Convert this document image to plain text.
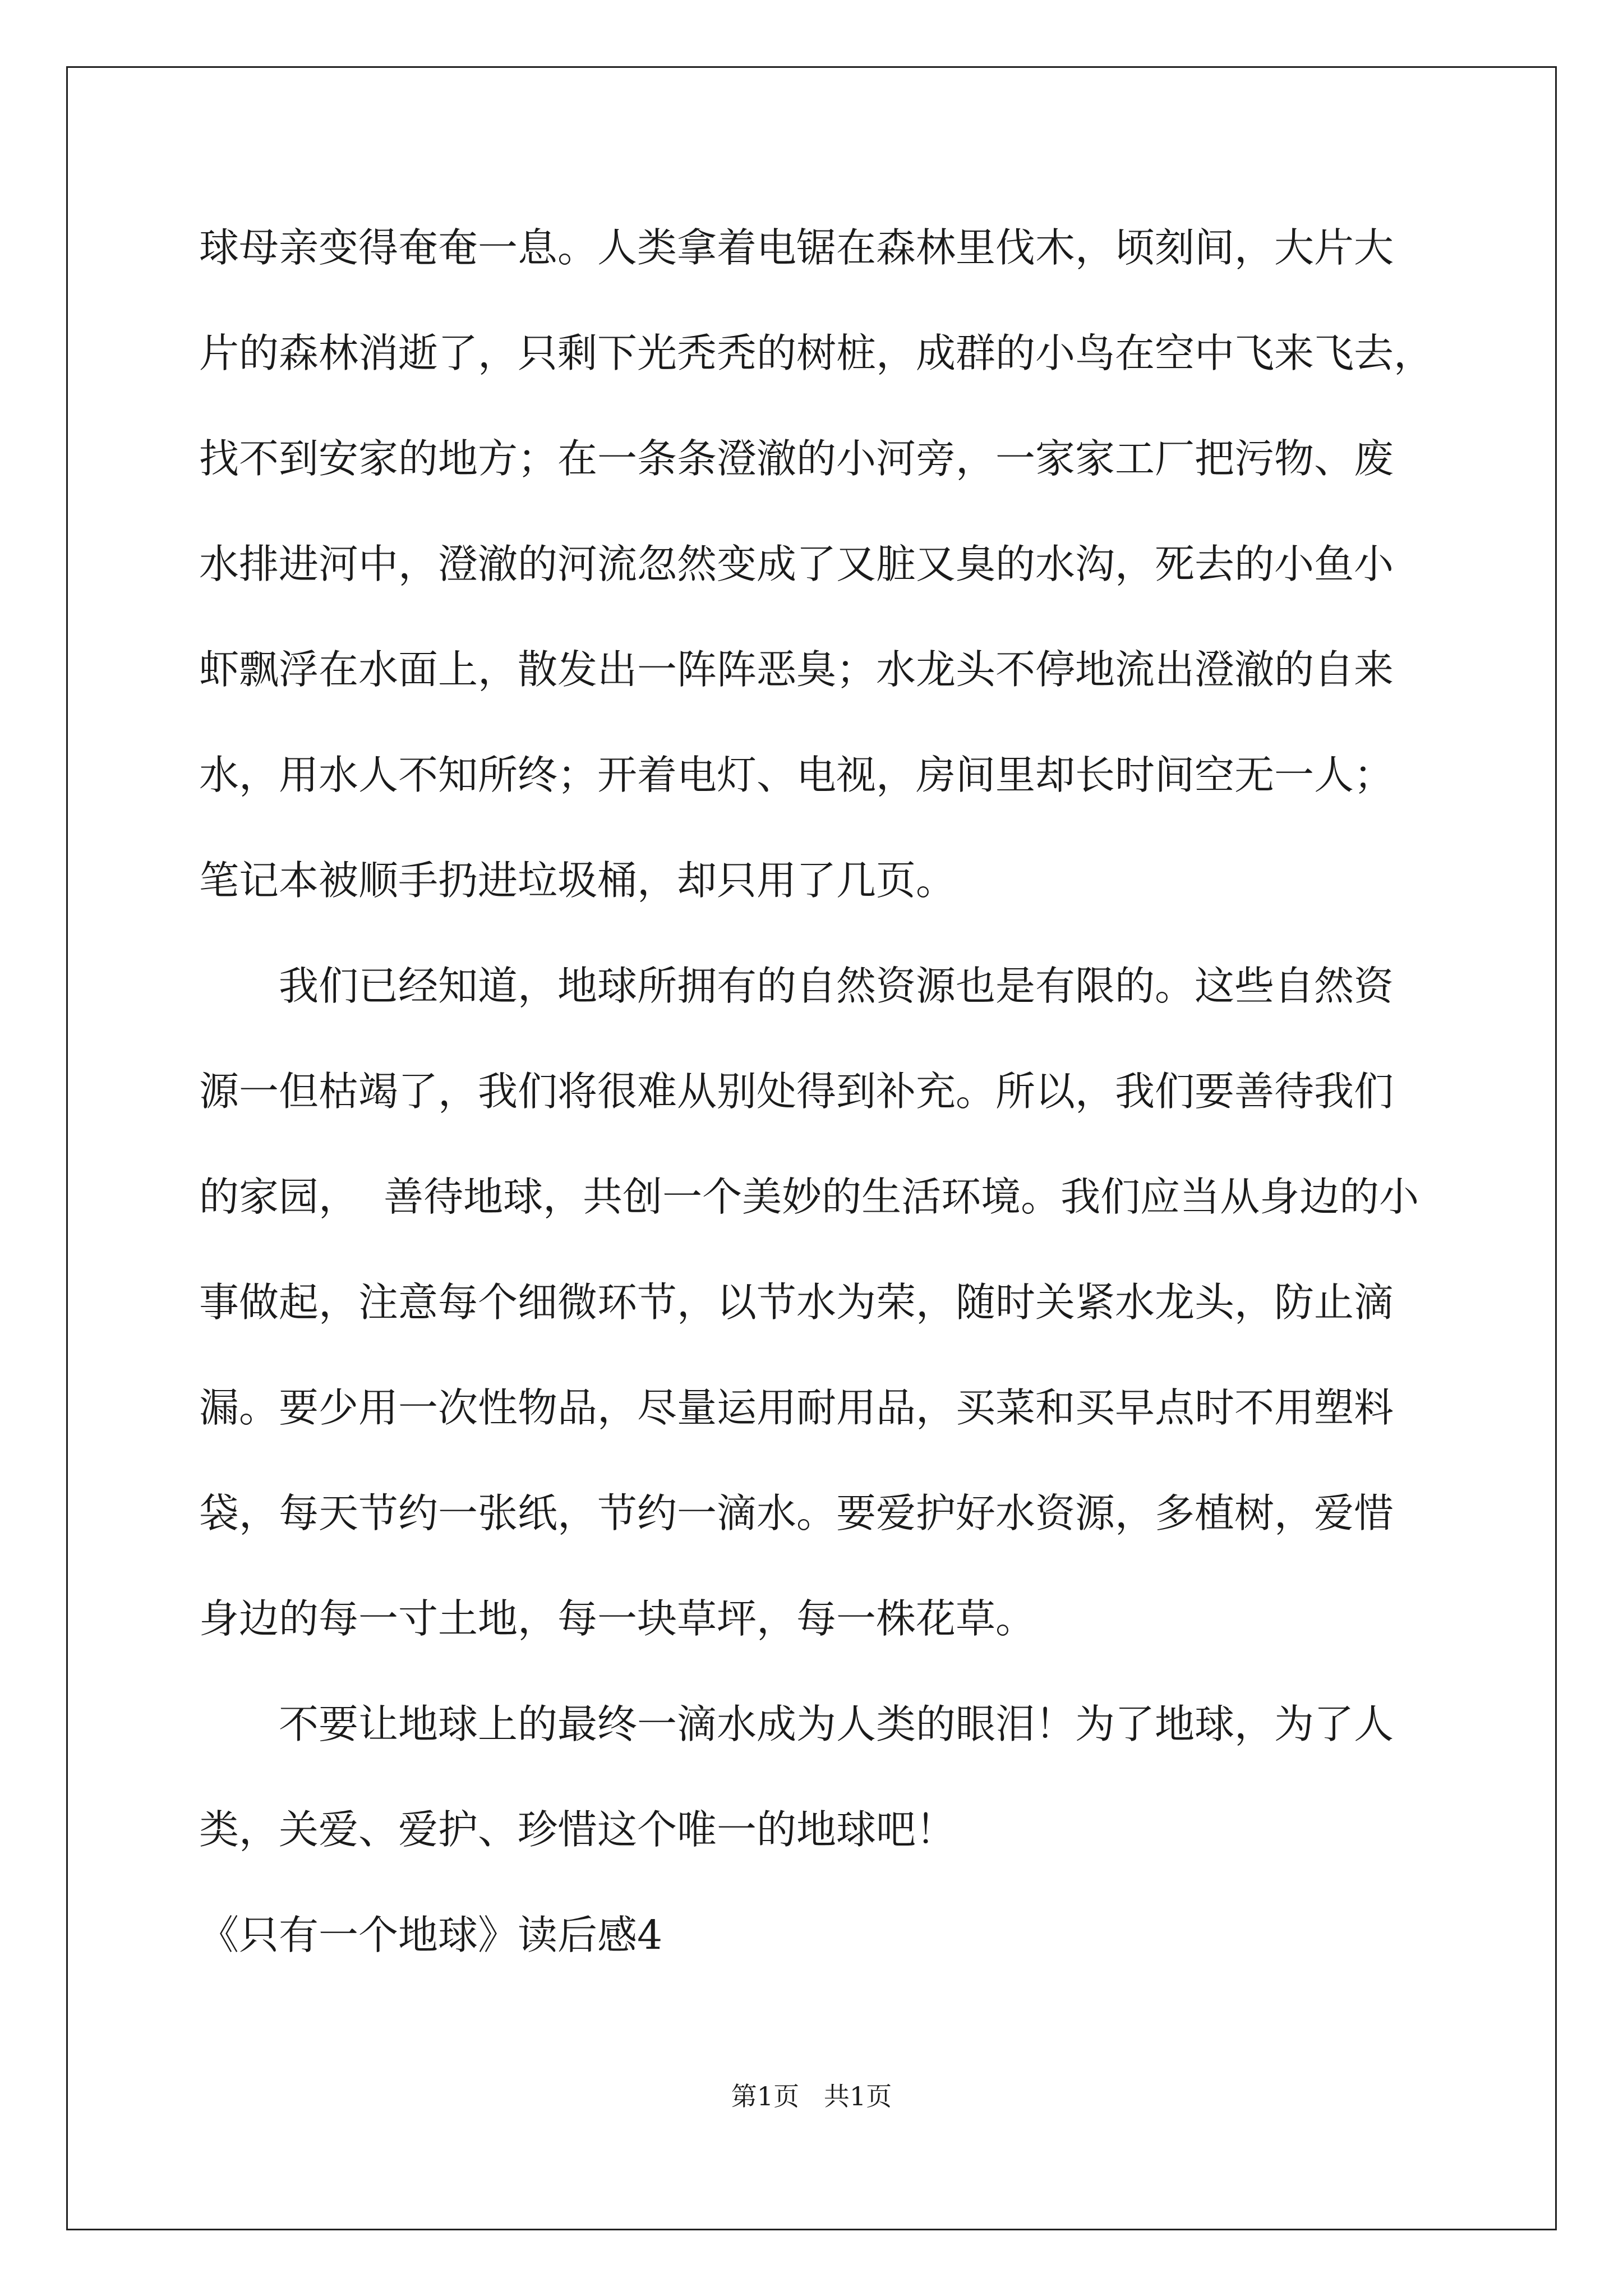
球母亲变得奄奄一息。人类拿着电锯在森林里伐木，顷刻间，大片大
片的森林消逝了，只剩下光秃秃的树桩，成群的小鸟在空中飞来飞去，
找不到安家的地方；在一条条澄澈的小河旁，一家家工厂把污物、废
水排进河中，澄澈的河流忽然变成了又脏又臭的水沟，死去的小鱼小
虾飘浮在水面上，散发出一阵阵恶臭；水龙头不停地流出澄澈的自来
水，用水人不知所终；开着电灯、电视，房间里却长时间空无一人；
笔记本被顺手扔进垃圾桶，却只用了几页。
我们已经知道，地球所拥有的自然资源也是有限的。这些自然资
源一但枯竭了，我们将很难从别处得到补充。所以，我们要善待我们
的家园，  善待地球，共创一个美妙的生活环境。我们应当从身边的小
事做起，注意每个细微环节，以节水为荣，随时关紧水龙头，防止滴
漏。要少用一次性物品，尽量运用耐用品，买菜和买早点时不用塑料
袋，每天节约一张纸，节约一滴水。要爱护好水资源，多植树，爱惜
身边的每一寸土地，每一块草坪，每一株花草。
不要让地球上的最终一滴水成为人类的眼泪！为了地球，为了人
类，关爱、爱护、珍惜这个唯一的地球吧！
《只有一个地球》读后感4
第1页   共1页
